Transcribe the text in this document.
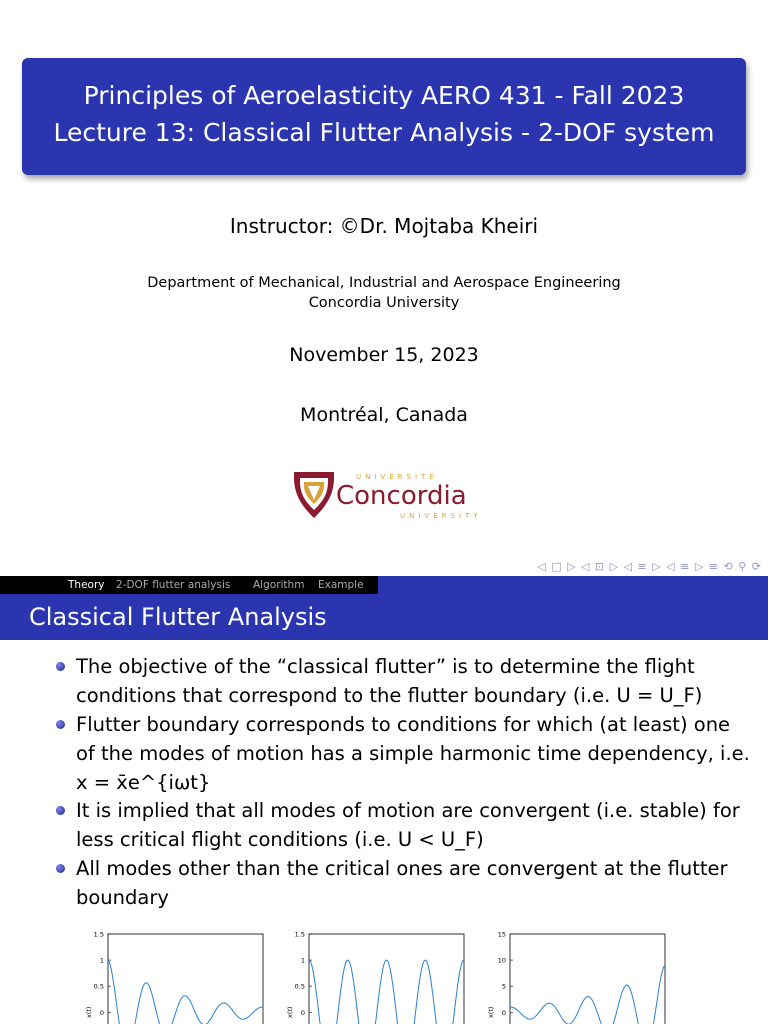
Principles of Aeroelasticity AERO 431 - Fall 2023
Lecture 13: Classical Flutter Analysis - 2-DOF system
Instructor: ©Dr. Mojtaba Kheiri
Department of Mechanical, Industrial and Aerospace Engineering
Concordia University
November 15, 2023
Montréal, Canada
UNIVERSITÉ
Concordia
UNIVERSITY
◁ □ ▷ ◁ ⊡ ▷ ◁ ≡ ▷ ◁ ≡ ▷ ≡ ⟲ ⚲ ⟳
Theory 2-DOF flutter analysis Algorithm Example
Classical Flutter Analysis
The objective of the “classical flutter” is to determine the flight
conditions that correspond to the flutter boundary (i.e. U = U_F)
Flutter boundary corresponds to conditions for which (at least) one
of the modes of motion has a simple harmonic time dependency, i.e.
x = x̄e^{iωt}
It is implied that all modes of motion are convergent (i.e. stable) for
less critical flight conditions (i.e. U < U_F)
All modes other than the critical ones are convergent at the flutter
boundary
1.5
1
0.5
0
x(t)
1.5
1
0.5
0
x(t)
15
10
5
0
x(t)
